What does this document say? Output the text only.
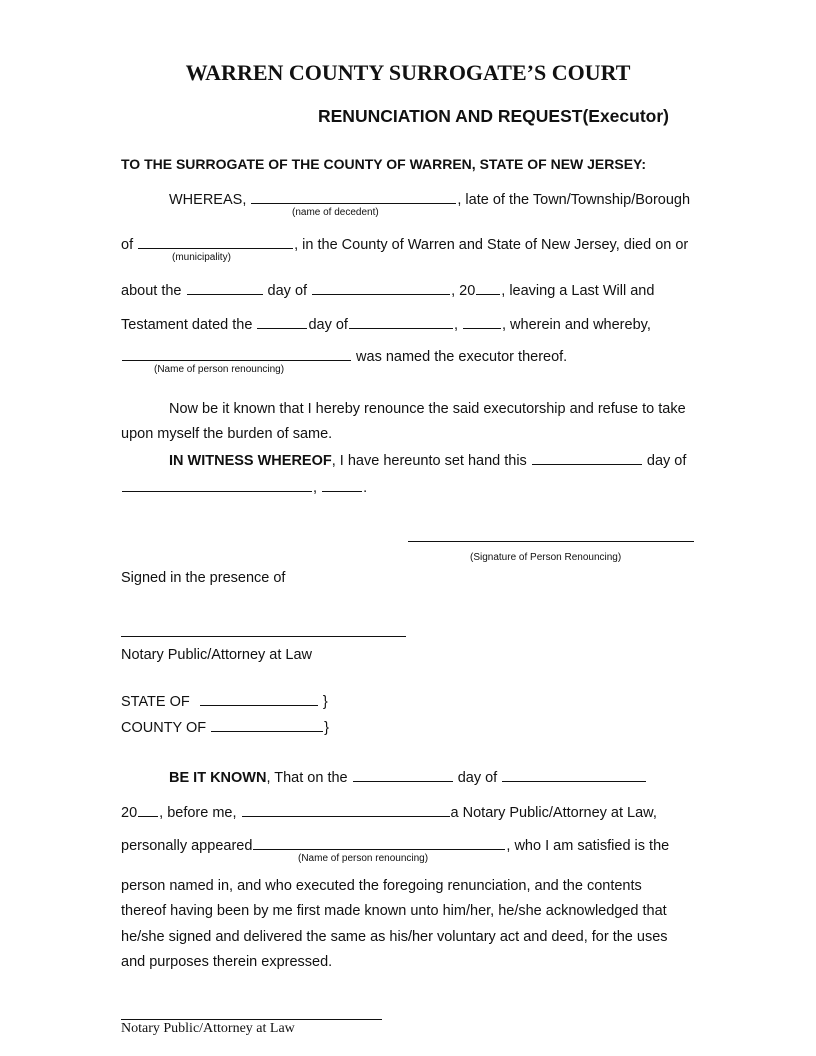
WARREN COUNTY SURROGATE’S COURT
RENUNCIATION AND REQUEST(Executor)
TO THE SURROGATE OF THE COUNTY OF WARREN, STATE OF NEW JERSEY:
WHEREAS,	, late of the Town/Township/Borough
(name of decedent)
of	, in the County of Warren and State of New Jersey, died on or
(municipality)
about the	day of	, 20 , leaving a Last Will and
Testament dated the	day of	,	, wherein and whereby,
was named the executor thereof.
(Name of person renouncing)
Now be it known that I hereby renounce the said executorship and refuse to take
upon myself the burden of same.
IN WITNESS WHEREOF, I have hereunto set hand this	day of
,	.
(Signature of Person Renouncing)
Signed in the presence of
Notary Public/Attorney at Law
STATE OF	}
COUNTY OF	}
BE IT KNOWN, That on the	day of
20 , before me,	a Notary Public/Attorney at Law,
personally appeared	, who I am satisfied is the
(Name of person renouncing)
person named in, and who executed the foregoing renunciation, and the contents
thereof having been by me first made known unto him/her, he/she acknowledged that
he/she signed and delivered the same as his/her voluntary act and deed, for the uses
and purposes therein expressed.
Notary Public/Attorney at Law
